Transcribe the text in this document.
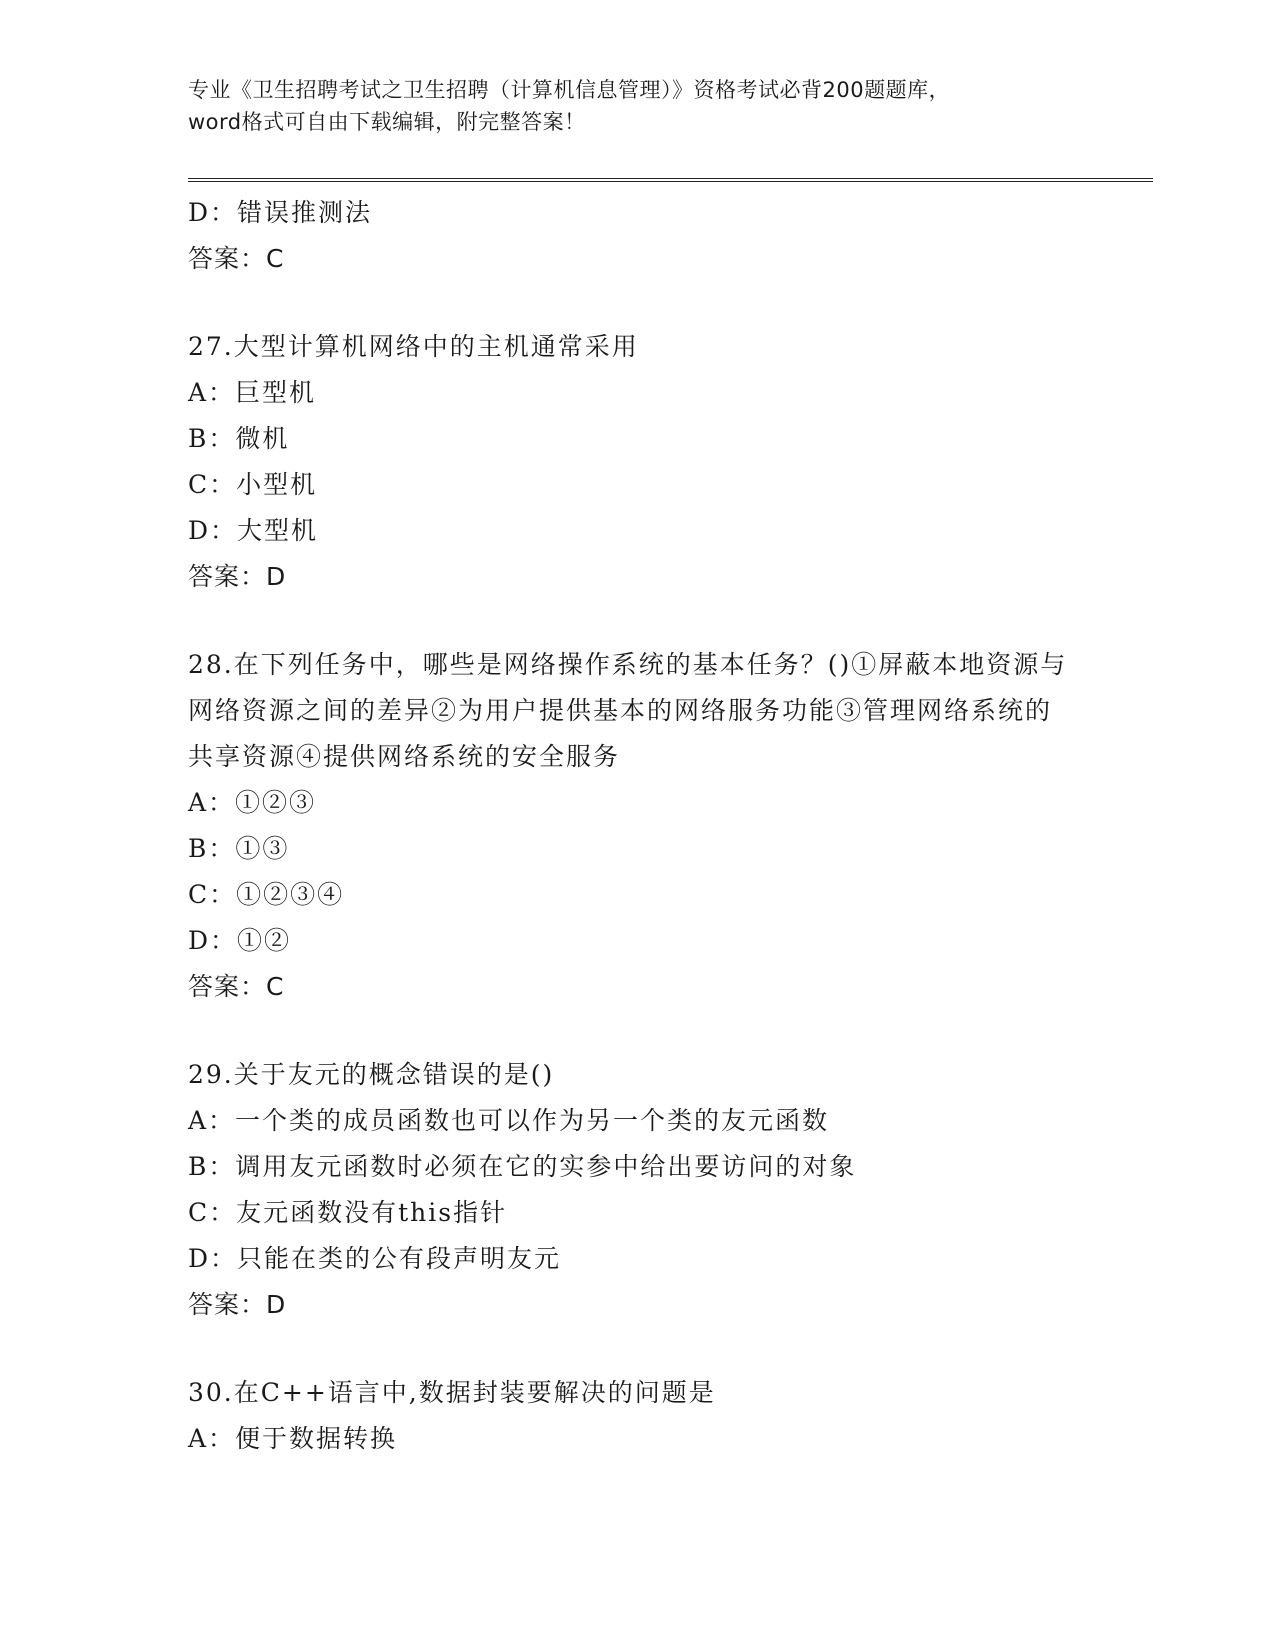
专业《卫生招聘考试之卫生招聘（计算机信息管理）》资格考试必背200题题库，
word格式可自由下载编辑，附完整答案！
D：错误推测法
答案：C
27.大型计算机网络中的主机通常采用
A：巨型机
B：微机
C：小型机
D：大型机
答案：D
28.在下列任务中，哪些是网络操作系统的基本任务？()①屏蔽本地资源与网络资源之间的差异②为用户提供基本的网络服务功能③管理网络系统的共享资源④提供网络系统的安全服务
A：①②③
B：①③
C：①②③④
D：①②
答案：C
29.关于友元的概念错误的是()
A：一个类的成员函数也可以作为另一个类的友元函数
B：调用友元函数时必须在它的实参中给出要访问的对象
C：友元函数没有this指针
D：只能在类的公有段声明友元
答案：D
30.在C++语言中,数据封装要解决的问题是
A：便于数据转换
